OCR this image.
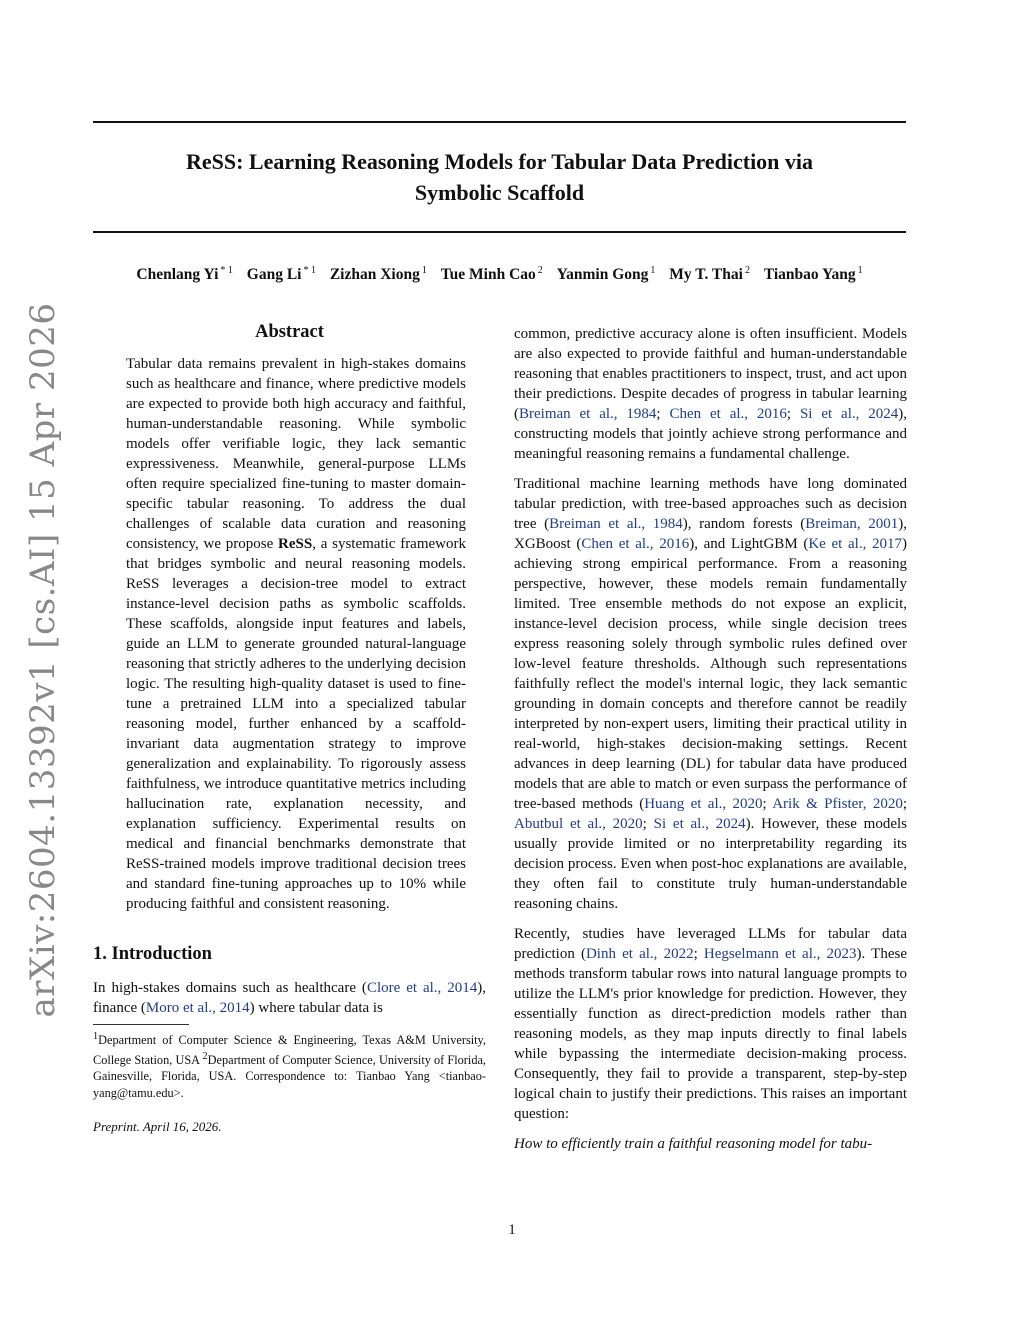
ReSS: Learning Reasoning Models for Tabular Data Prediction via
Symbolic Scaffold
Chenlang Yi $^{* 1}$ Gang Li $^{* 1}$ Zizhan Xiong $^1$ Tue Minh Cao $^2$ Yanmin Gong $^1$ My T. Thai $^2$ Tianbao Yang $^1$
arXiv:2604.13392v1 [cs.AI] 15 Apr 2026	Abstract

Tabular data remains prevalent in high-stakes domains such as healthcare and finance, where predictive models are expected to provide both high accuracy and faithful, human-understandable reasoning. While symbolic models offer verifiable logic, they lack semantic expressiveness. Meanwhile, general-purpose LLMs often require specialized fine-tuning to master domain-specific tabular reasoning. To address the dual challenges of scalable data curation and reasoning consistency, we propose ReSS, a systematic framework that bridges symbolic and neural reasoning models. ReSS leverages a decision-tree model to extract instance-level decision paths as symbolic scaffolds. These scaffolds, alongside input features and labels, guide an LLM to generate grounded natural-language reasoning that strictly adheres to the underlying decision logic. The resulting high-quality dataset is used to fine-tune a pretrained LLM into a specialized tabular reasoning model, further enhanced by a scaffold-invariant data augmentation strategy to improve generalization and explainability. To rigorously assess faithfulness, we introduce quantitative metrics including hallucination rate, explanation necessity, and explanation sufficiency. Experimental results on medical and financial benchmarks demonstrate that ReSS-trained models improve traditional decision trees and standard fine-tuning approaches up to 10% while producing faithful and consistent reasoning.

1. Introduction

In high-stakes domains such as healthcare (Clore et al., 2014), finance (Moro et al., 2014) where tabular data is

$^1$Department of Computer Science & Engineering, Texas A&M University, College Station, USA $^2$Department of Computer Science, University of Florida, Gainesville, Florida, USA. Correspondence to: Tianbao Yang <tianbao-yang@tamu.edu>.

Preprint. April 16, 2026.

common, predictive accuracy alone is often insufficient. Models are also expected to provide faithful and human-understandable reasoning that enables practitioners to inspect, trust, and act upon their predictions. Despite decades of progress in tabular learning (Breiman et al., 1984; Chen et al., 2016; Si et al., 2024), constructing models that jointly achieve strong performance and meaningful reasoning remains a fundamental challenge.

Traditional machine learning methods have long dominated tabular prediction, with tree-based approaches such as decision tree (Breiman et al., 1984), random forests (Breiman, 2001), XGBoost (Chen et al., 2016), and LightGBM (Ke et al., 2017) achieving strong empirical performance. From a reasoning perspective, however, these models remain fundamentally limited. Tree ensemble methods do not expose an explicit, instance-level decision process, while single decision trees express reasoning solely through symbolic rules defined over low-level feature thresholds. Although such representations faithfully reflect the model's internal logic, they lack semantic grounding in domain concepts and therefore cannot be readily interpreted by non-expert users, limiting their practical utility in real-world, high-stakes decision-making settings. Recent advances in deep learning (DL) for tabular data have produced models that are able to match or even surpass the performance of tree-based methods (Huang et al., 2020; Arik & Pfister, 2020; Abutbul et al., 2020; Si et al., 2024). However, these models usually provide limited or no interpretability regarding its decision process. Even when post-hoc explanations are available, they often fail to constitute truly human-understandable reasoning chains.

Recently, studies have leveraged LLMs for tabular data prediction (Dinh et al., 2022; Hegselmann et al., 2023). These methods transform tabular rows into natural language prompts to utilize the LLM's prior knowledge for prediction. However, they essentially function as direct-prediction models rather than reasoning models, as they map inputs directly to final labels while bypassing the intermediate decision-making process. Consequently, they fail to provide a transparent, step-by-step logical chain to justify their predictions. This raises an important question:

How to efficiently train a faithful reasoning model for tabu-

1
